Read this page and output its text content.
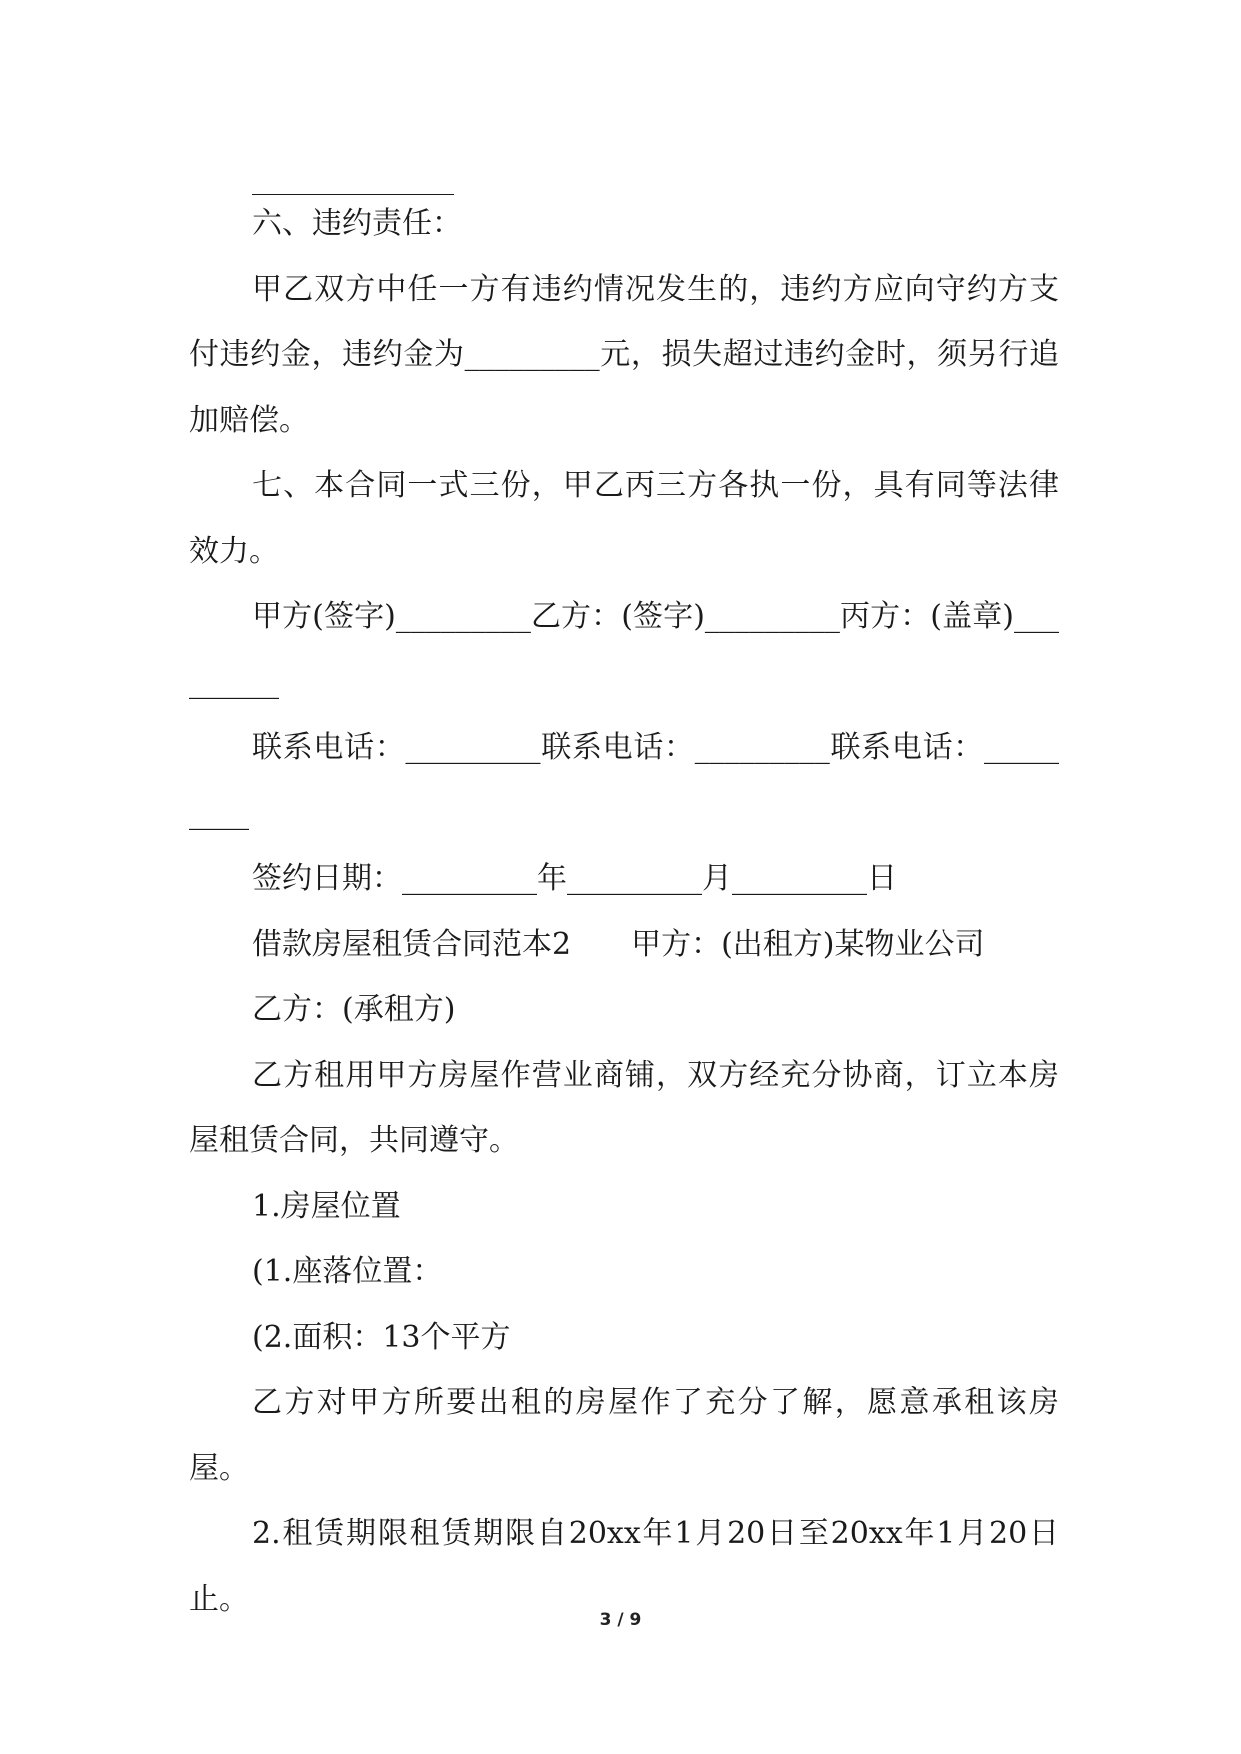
六、违约责任：

甲乙双方中任一方有违约情况发生的，违约方应向守约方支付违约金，违约金为_________元，损失超过违约金时，须另行追加赔偿。

七、本合同一式三份，甲乙丙三方各执一份，具有同等法律效力。

甲方(签字)_________乙方：(签字)_________丙方：(盖章)_________

联系电话：_________联系电话：_________联系电话：_________

签约日期：_________年_________月_________日

借款房屋租赁合同范本2　　甲方：(出租方)某物业公司

乙方：(承租方)

乙方租用甲方房屋作营业商铺，双方经充分协商，订立本房屋租赁合同，共同遵守。

1.房屋位置

(1.座落位置：

(2.面积：13个平方

乙方对甲方所要出租的房屋作了充分了解，愿意承租该房屋。

2.租赁期限租赁期限自20xx年1月20日至20xx年1月20日止。

3 / 9
